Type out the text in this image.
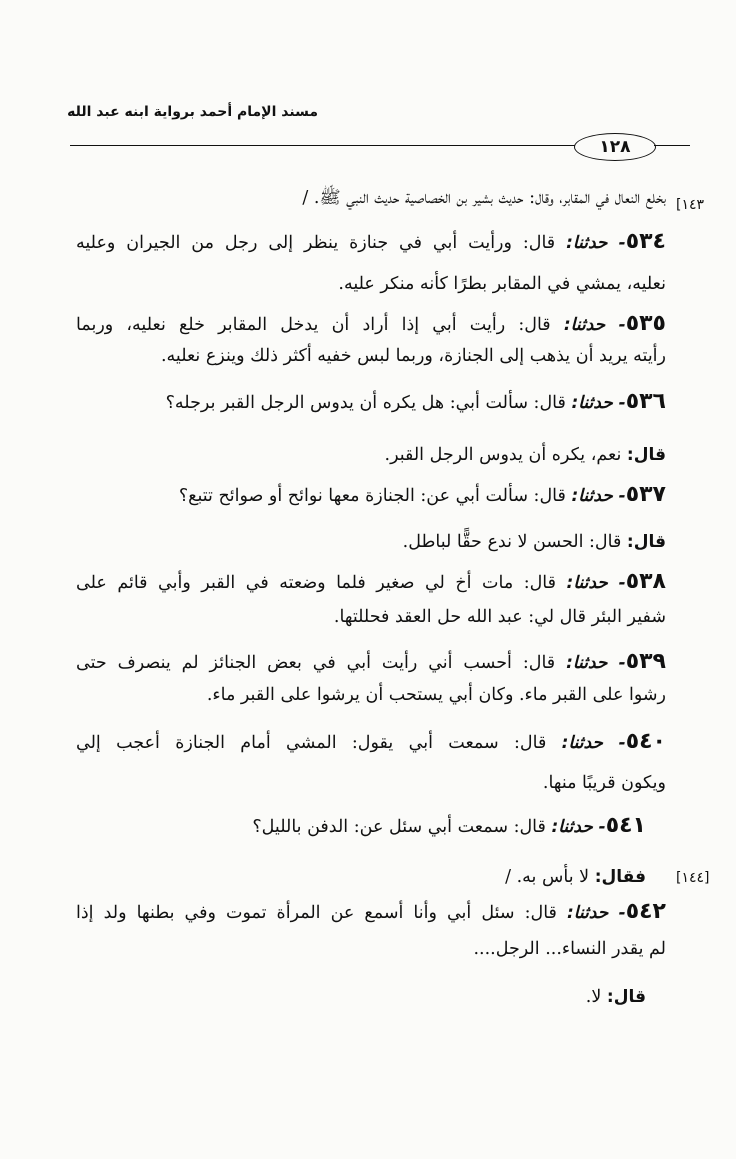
مسند الإمام أحمد برواية ابنه عبد الله
١٢٨
[١٤٣
[١٤٤]
بخلع النعال في المقابر، وقال: حديث بشير بن الخصاصية حديث النبي ﷺ. /
٥٣٤- حدثنا: قال: ورأيت أبي في جنازة ينظر إلى رجل من الجيران وعليه
نعليه، يمشي في المقابر بطرًا كأنه منكر عليه.
٥٣٥- حدثنا: قال: رأيت أبي إذا أراد أن يدخل المقابر خلع نعليه، وربما
رأيته يريد أن يذهب إلى الجنازة، وربما لبس خفيه أكثر ذلك وينزع نعليه.
٥٣٦- حدثنا: قال: سألت أبي: هل يكره أن يدوس الرجل القبر برجله؟
قال: نعم، يكره أن يدوس الرجل القبر.
٥٣٧- حدثنا: قال: سألت أبي عن: الجنازة معها نوائح أو صوائح تتبع؟
قال: قال: الحسن لا ندع حقًّا لباطل.
٥٣٨- حدثنا: قال: مات أخ لي صغير فلما وضعته في القبر وأبي قائم على
شفير البئر قال لي: عبد الله حل العقد فحللتها.
٥٣٩- حدثنا: قال: أحسب أني رأيت أبي في بعض الجنائز لم ينصرف حتى
رشوا على القبر ماء. وكان أبي يستحب أن يرشوا على القبر ماء.
٥٤٠- حدثنا: قال: سمعت أبي يقول: المشي أمام الجنازة أعجب إلي
ويكون قريبًا منها.
٥٤١- حدثنا: قال: سمعت أبي سئل عن: الدفن بالليل؟
فقال: لا بأس به. /
٥٤٢- حدثنا: قال: سئل أبي وأنا أسمع عن المرأة تموت وفي بطنها ولد إذا
لم يقدر النساء... الرجل....
قال: لا.
